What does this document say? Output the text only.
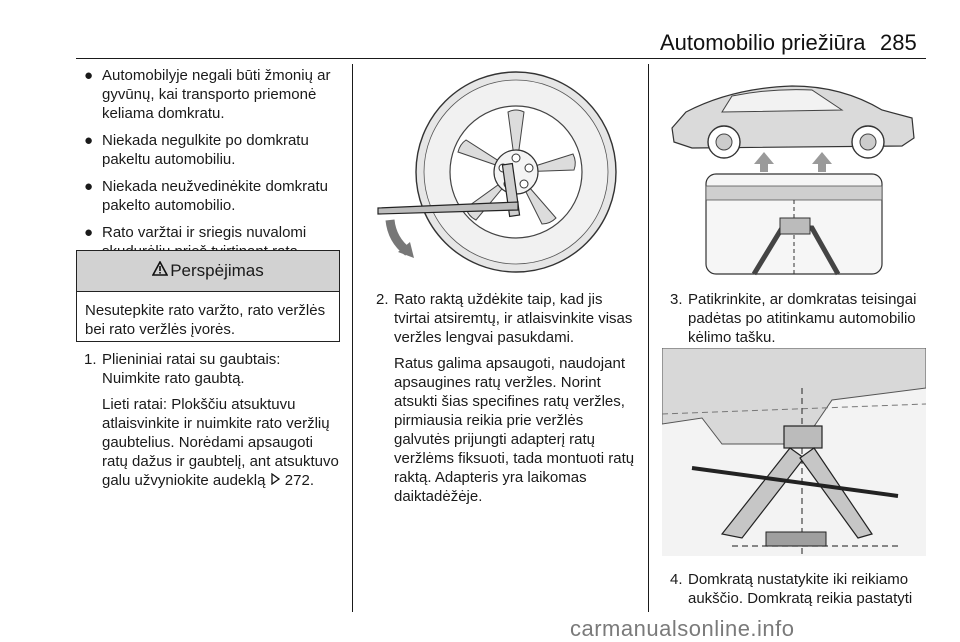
Automobilio priežiūra 285
● Automobilyje negali būti žmonių ar gyvūnų, kai transporto priemonė keliama domkratu.
● Niekada negulkite po domkratu pakeltu automobiliu.
● Niekada neužvedinėkite domkratu pakelto automobilio.
● Rato varžtai ir sriegis nuvalomi
Perspėjimas
Nesutepkite rato varžto, rato veržlės bei rato veržlės įvorės.
1. Plieniniai ratai su gaubtais: Nuimkite rato gaubtą.

Lieti ratai: Plokščiu atsuktuvu atlaisvinkite ir nuimkite rato veržlių gaubtelius. Norėdami apsaugoti ratų dažus ir gaubtelį, ant atsuktuvo galu užvyniokite audeklą 272.

2. Rato raktą uždėkite taip, kad jis tvirtai atsiremtų, ir atlaisvinkite visas veržles lengvai pasukdami.

Ratus galima apsaugoti, naudojant apsaugines ratų veržles. Norint atsukti šias specifines ratų veržles, pirmiausia reikia prie veržlės galvutės prijungti adapterį ratų veržlėms fiksuoti, tada montuoti ratų raktą. Adapteris yra laikomas daiktadėžėje.

3. Patikrinkite, ar domkratas teisingai padėtas po atitinkamu automobilio kėlimo tašku.

4. Domkratą nustatykite iki reikiamo aukščio. Domkratą reikia pastatyti

carmanualsonline.info
